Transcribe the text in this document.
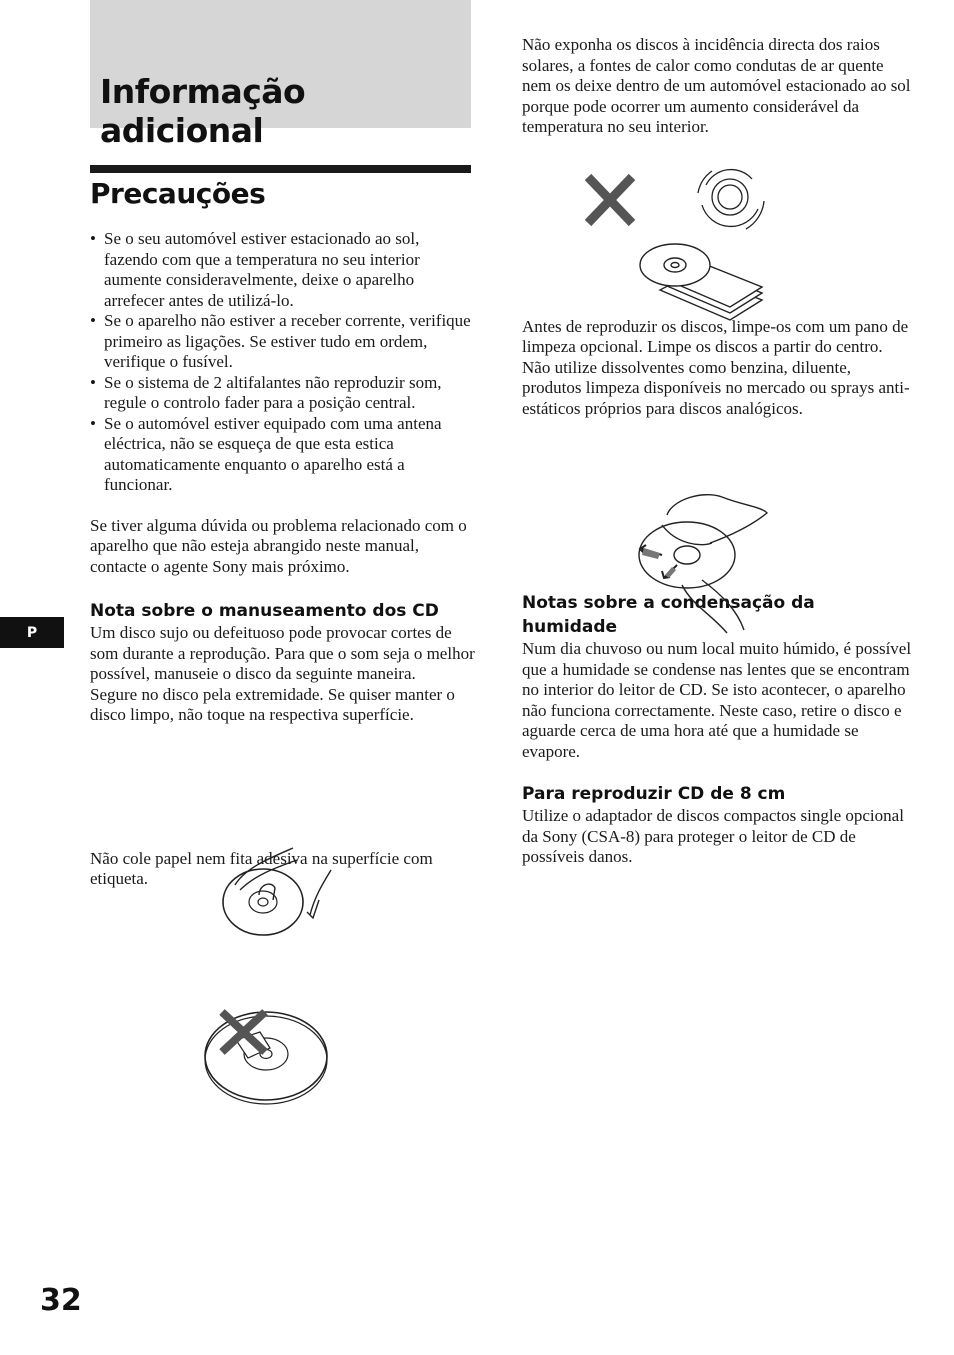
Informação adicional
Precauções
• Se o seu automóvel estiver estacionado ao sol, fazendo com que a temperatura no seu interior aumente consideravelmente, deixe o aparelho arrefecer antes de utilizá-lo.
• Se o aparelho não estiver a receber corrente, verifique primeiro as ligações. Se estiver tudo em ordem, verifique o fusível.
• Se o sistema de 2 altifalantes não reproduzir som, regule o controlo fader para a posição central.
• Se o automóvel estiver equipado com uma antena eléctrica, não se esqueça de que esta estica automaticamente enquanto o aparelho está a funcionar.

Se tiver alguma dúvida ou problema relacionado com o aparelho que não esteja abrangido neste manual, contacte o agente Sony mais próximo.

Nota sobre o manuseamento dos CD

Um disco sujo ou defeituoso pode provocar cortes de som durante a reprodução. Para que o som seja o melhor possível, manuseie o disco da seguinte maneira.

Segure no disco pela extremidade. Se quiser manter o disco limpo, não toque na respectiva superfície.

Não cole papel nem fita adesiva na superfície com etiqueta.

Não exponha os discos à incidência directa dos raios solares, a fontes de calor como condutas de ar quente nem os deixe dentro de um automóvel estacionado ao sol porque pode ocorrer um aumento considerável da temperatura no seu interior.

Antes de reproduzir os discos, limpe-os com um pano de limpeza opcional. Limpe os discos a partir do centro.

Não utilize dissolventes como benzina, diluente, produtos limpeza disponíveis no mercado ou sprays anti-estáticos próprios para discos analógicos.

Notas sobre a condensação da humidade

Num dia chuvoso ou num local muito húmido, é possível que a humidade se condense nas lentes que se encontram no interior do leitor de CD. Se isto acontecer, o aparelho não funciona correctamente. Neste caso, retire o disco e aguarde cerca de uma hora até que a humidade se evapore.

Para reproduzir CD de 8 cm

Utilize o adaptador de discos compactos single opcional da Sony (CSA-8) para proteger o leitor de CD de possíveis danos.

P
32
